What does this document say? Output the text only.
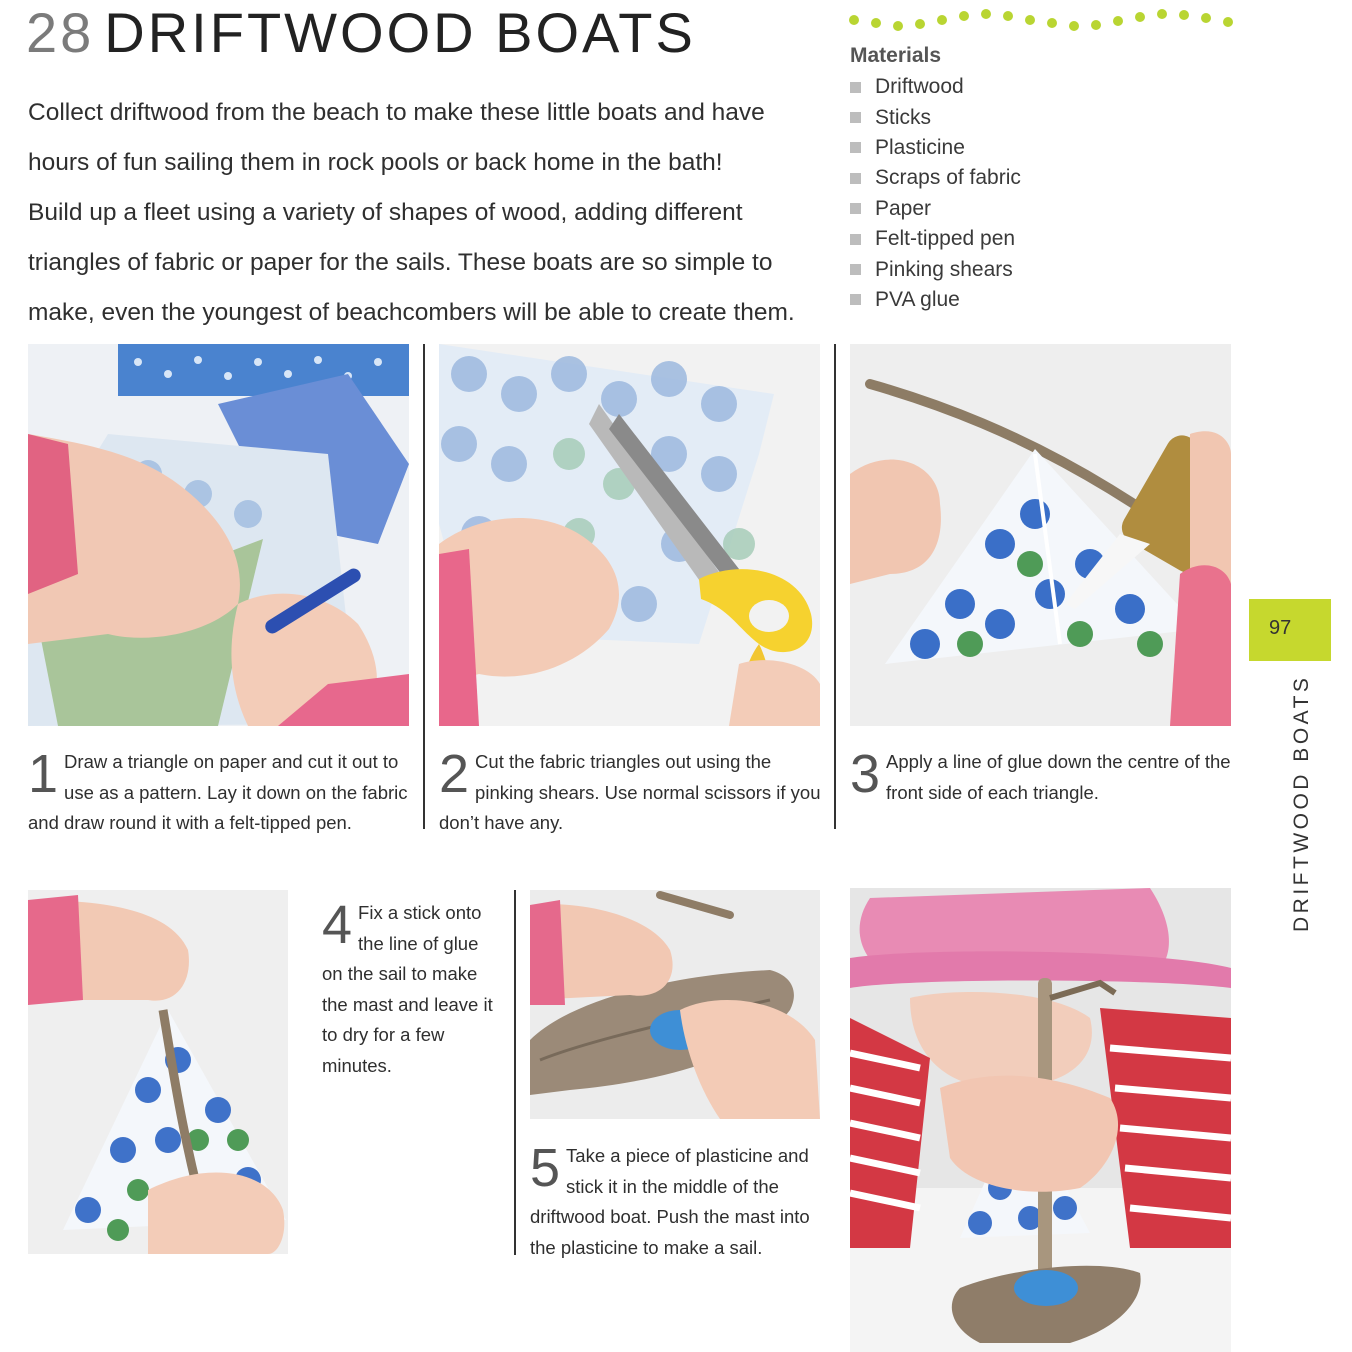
28 DRIFTWOOD BOATS

Collect driftwood from the beach to make these little boats and have

hours of fun sailing them in rock pools or back home in the bath!

Build up a fleet using a variety of shapes of wood, adding different

triangles of fabric or paper for the sails. These boats are so simple to

make, even the youngest of beachcombers will be able to create them.

Materials
Driftwood
Sticks
Plasticine
Scraps of fabric
Paper
Felt-tipped pen
Pinking shears
PVA glue
1 Draw a triangle on paper and cut it out to use as a pattern. Lay it down on the fabric and draw round it with a felt-tipped pen.
2 Cut the fabric triangles out using the pinking shears. Use normal scissors if you don’t have any.
3 Apply a line of glue down the centre of the front side of each triangle.
4 Fix a stick onto the line of glue on the sail to make the mast and leave it to dry for a few minutes.
5 Take a piece of plasticine and stick it in the middle of the driftwood boat. Push the mast into the plasticine to make a sail.
97
DRIFTWOOD BOATS
